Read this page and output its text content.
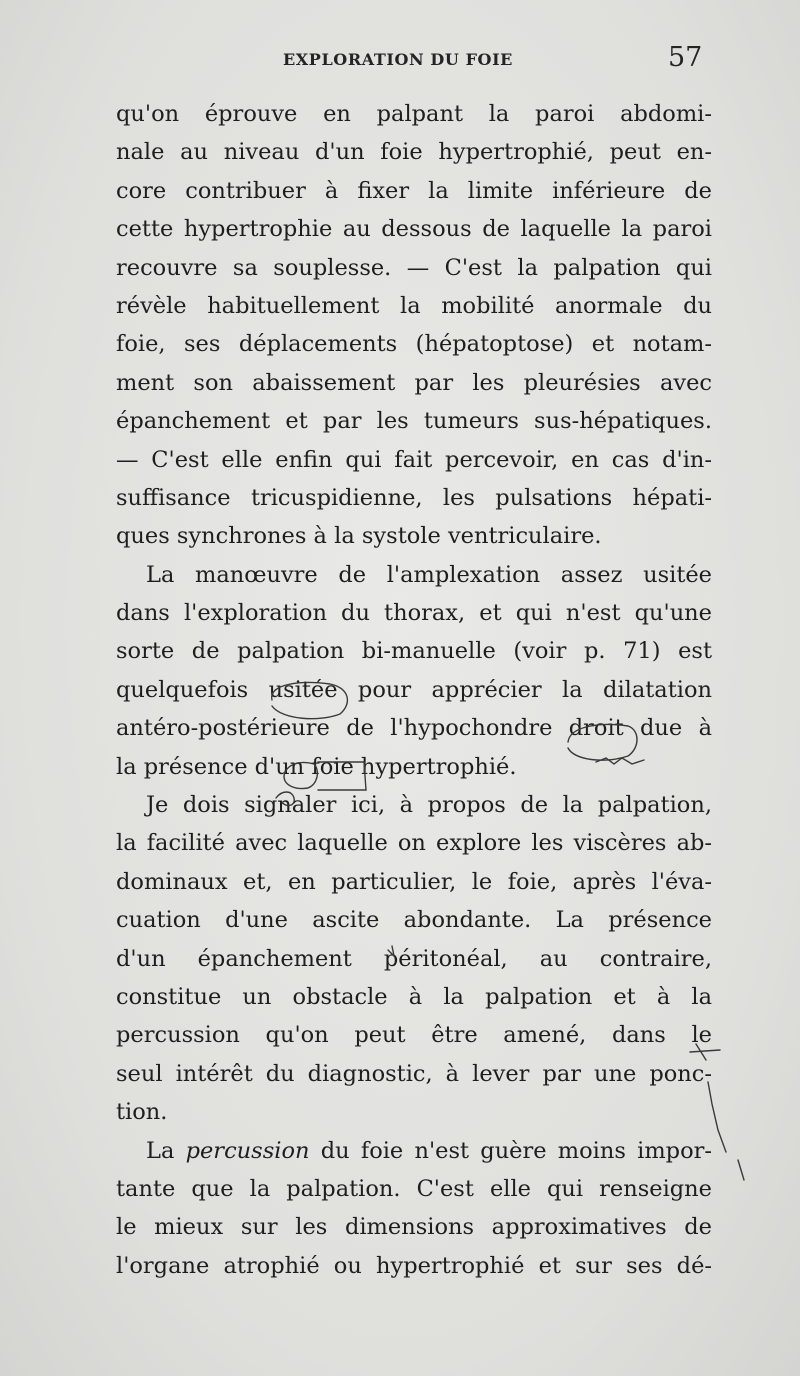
EXPLORATION DU FOIE	57
qu'on éprouve en palpant la paroi abdomi-
nale au niveau d'un foie hypertrophié, peut en-
core contribuer à fixer la limite inférieure de
cette hypertrophie au dessous de laquelle la paroi
recouvre sa souplesse. — C'est la palpation qui
révèle habituellement la mobilité anormale du
foie, ses déplacements (hépatoptose) et notam-
ment son abaissement par les pleurésies avec
épanchement et par les tumeurs sus-hépatiques.
— C'est elle enfin qui fait percevoir, en cas d'in-
suffisance tricuspidienne, les pulsations hépati-
ques synchrones à la systole ventriculaire.
La manœuvre de l'amplexation assez usitée
dans l'exploration du thorax, et qui n'est qu'une
sorte de palpation bi-manuelle (voir p. 71) est
quelquefois usitée pour apprécier la dilatation
antéro-postérieure de l'hypochondre droit due à
la présence d'un foie hypertrophié.
Je dois signaler ici, à propos de la palpation,
la facilité avec laquelle on explore les viscères ab-
dominaux et, en particulier, le foie, après l'éva-
cuation d'une ascite abondante. La présence
d'un épanchement péritonéal, au contraire,
constitue un obstacle à la palpation et à la
percussion qu'on peut être amené, dans le
seul intérêt du diagnostic, à lever par une ponc-
tion.
La percussion du foie n'est guère moins impor-
tante que la palpation. C'est elle qui renseigne
le mieux sur les dimensions approximatives de
l'organe atrophié ou hypertrophié et sur ses dé-
